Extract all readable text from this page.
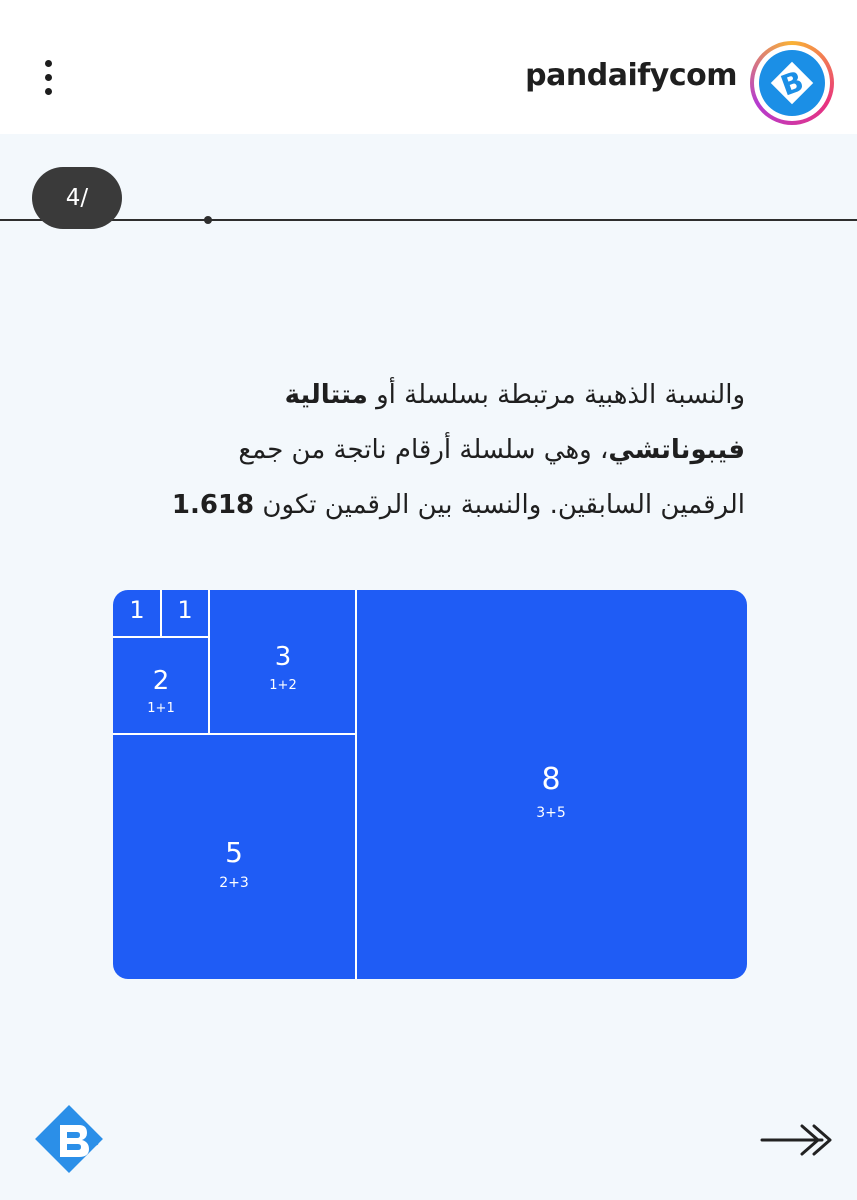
pandaifycom B
4/
والنسبة الذهبية مرتبطة بسلسلة أو متتالية
فيبوناتشي، وهي سلسلة أرقام ناتجة من جمع
الرقمين السابقين. والنسبة بين الرقمين تكون 1.618
1 1
2
1+1
3
1+2
5
2+3
8
3+5
